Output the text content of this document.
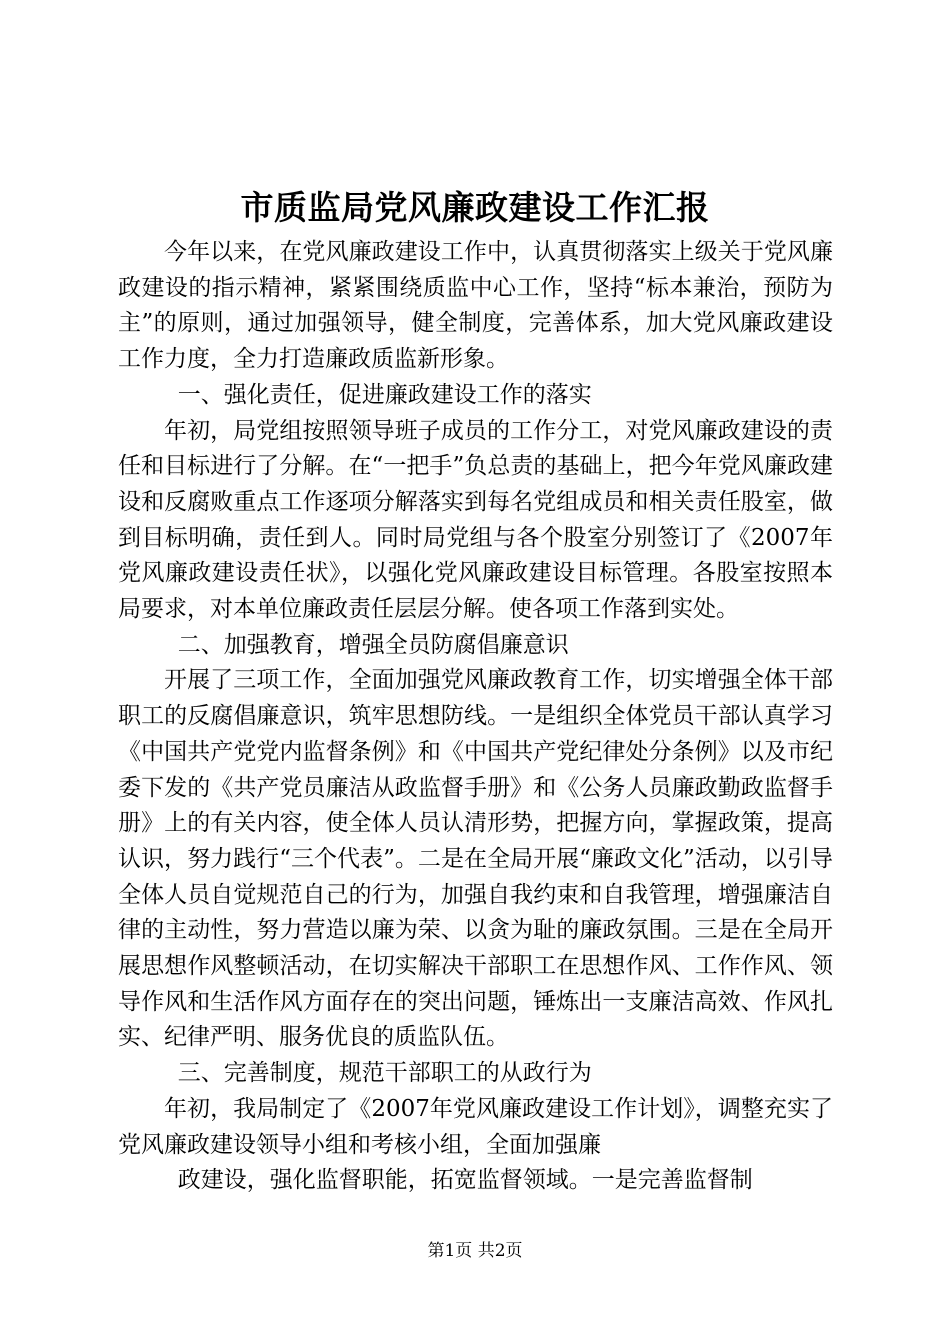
市质监局党风廉政建设工作汇报

今年以来，在党风廉政建设工作中，认真贯彻落实上级关于党风廉政建设的指示精神，紧紧围绕质监中心工作，坚持“标本兼治，预防为主”的原则，通过加强领导，健全制度，完善体系，加大党风廉政建设工作力度，全力打造廉政质监新形象。

一、强化责任，促进廉政建设工作的落实

年初，局党组按照领导班子成员的工作分工，对党风廉政建设的责任和目标进行了分解。在“一把手”负总责的基础上，把今年党风廉政建设和反腐败重点工作逐项分解落实到每名党组成员和相关责任股室，做到目标明确，责任到人。同时局党组与各个股室分别签订了《2007年党风廉政建设责任状》，以强化党风廉政建设目标管理。各股室按照本局要求，对本单位廉政责任层层分解。使各项工作落到实处。

二、加强教育，增强全员防腐倡廉意识

开展了三项工作，全面加强党风廉政教育工作，切实增强全体干部职工的反腐倡廉意识，筑牢思想防线。一是组织全体党员干部认真学习《中国共产党党内监督条例》和《中国共产党纪律处分条例》以及市纪委下发的《共产党员廉洁从政监督手册》和《公务人员廉政勤政监督手册》上的有关内容，使全体人员认清形势，把握方向，掌握政策，提高认识，努力践行“三个代表”。二是在全局开展“廉政文化”活动，以引导全体人员自觉规范自己的行为，加强自我约束和自我管理，增强廉洁自律的主动性，努力营造以廉为荣、以贪为耻的廉政氛围。三是在全局开展思想作风整顿活动，在切实解决干部职工在思想作风、工作作风、领导作风和生活作风方面存在的突出问题，锤炼出一支廉洁高效、作风扎实、纪律严明、服务优良的质监队伍。

三、完善制度，规范干部职工的从政行为

年初，我局制定了《2007年党风廉政建设工作计划》，调整充实了党风廉政建设领导小组和考核小组，全面加强廉

政建设，强化监督职能，拓宽监督领域。一是完善监督制

第1页 共2页
